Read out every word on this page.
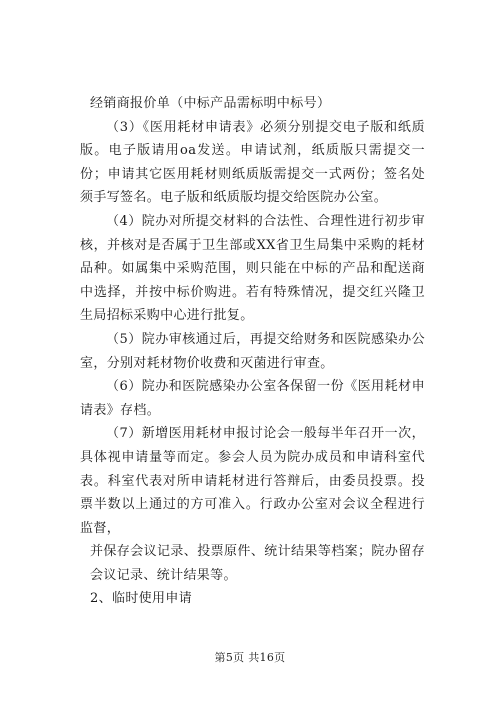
经销商报价单（中标产品需标明中标号）

（3）《医用耗材申请表》必须分别提交电子版和纸质版。电子版请用oa发送。申请试剂，纸质版只需提交一份；申请其它医用耗材则纸质版需提交一式两份；签名处须手写签名。电子版和纸质版均提交给医院办公室。

（4）院办对所提交材料的合法性、合理性进行初步审核，并核对是否属于卫生部或XX省卫生局集中采购的耗材品种。如属集中采购范围，则只能在中标的产品和配送商中选择，并按中标价购进。若有特殊情况，提交红兴隆卫生局招标采购中心进行批复。

（5）院办审核通过后，再提交给财务和医院感染办公室，分别对耗材物价收费和灭菌进行审查。

（6）院办和医院感染办公室各保留一份《医用耗材申请表》存档。

（7）新增医用耗材申报讨论会一般每半年召开一次，具体视申请量等而定。参会人员为院办成员和申请科室代表。科室代表对所申请耗材进行答辩后，由委员投票。投票半数以上通过的方可准入。行政办公室对会议全程进行监督，

并保存会议记录、投票原件、统计结果等档案；院办留存会议记录、统计结果等。

2、临时使用申请

第5页 共16页
